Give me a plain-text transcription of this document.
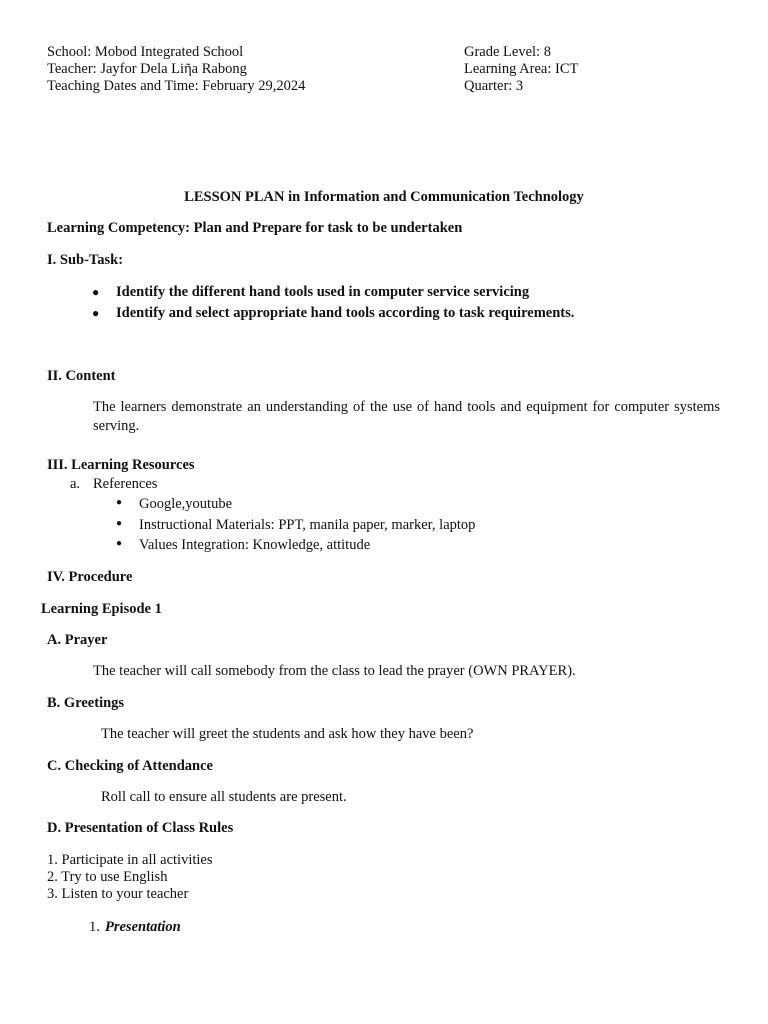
School: Mobod Integrated School
Teacher: Jayfor Dela Liῆa Rabong
Teaching Dates and Time: February 29,2024
Grade Level: 8
Learning Area: ICT
Quarter: 3
LESSON PLAN in Information and Communication Technology
Learning Competency: Plan and Prepare for task to be undertaken
I. Sub-Task:
● Identify the different hand tools used in computer service servicing
● Identify and select appropriate hand tools according to task requirements.
II. Content
The learners demonstrate an understanding of the use of hand tools and equipment for computer systems serving.
III. Learning Resources
a. References
● Google,youtube
● Instructional Materials: PPT, manila paper, marker, laptop
● Values Integration: Knowledge, attitude
IV. Procedure
Learning Episode 1
A. Prayer
The teacher will call somebody from the class to lead the prayer (OWN PRAYER).
B. Greetings
The teacher will greet the students and ask how they have been?
C. Checking of Attendance
Roll call to ensure all students are present.
D. Presentation of Class Rules
1. Participate in all activities
2. Try to use English
3. Listen to your teacher
1. Presentation
